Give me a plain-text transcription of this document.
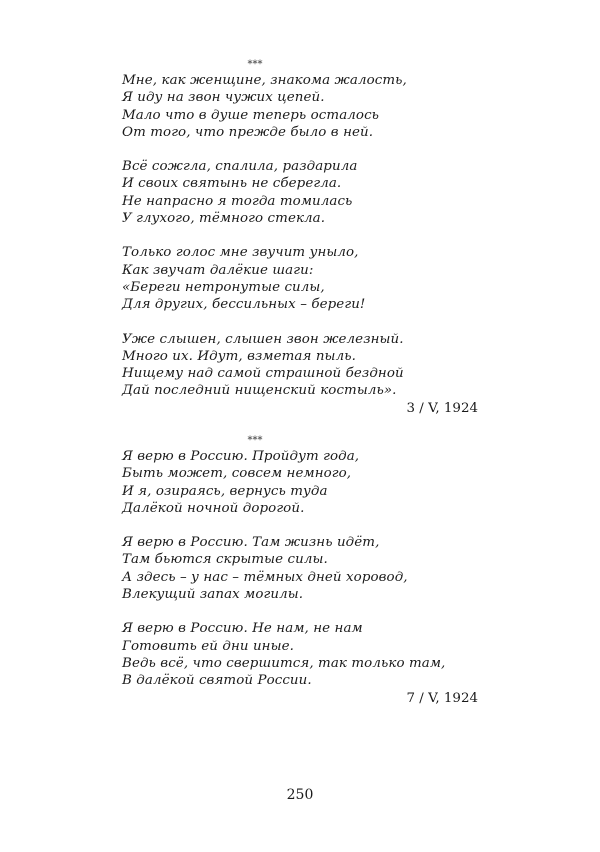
***
Мне, как женщине, знакома жалость,
Я иду на звон чужих цепей.
Мало что в душе теперь осталось
От того, что прежде было в ней.
Всё сожгла, спалила, раздарила
И своих святынь не сберегла.
Не напрасно я тогда томилась
У глухого, тёмного стекла.
Только голос мне звучит уныло,
Как звучат далёкие шаги:
«Береги нетронутые силы,
Для других, бессильных – береги!
Уже слышен, слышен звон железный.
Много их. Идут, взметая пыль.
Нищему над самой страшной бездной
Дай последний нищенский костыль».
3 / V, 1924
***
Я верю в Россию. Пройдут года,
Быть может, совсем немного,
И я, озираясь, вернусь туда
Далёкой ночной дорогой.
Я верю в Россию. Там жизнь идёт,
Там бьются скрытые силы.
А здесь – у нас – тёмных дней хоровод,
Влекущий запах могилы.
Я верю в Россию. Не нам, не нам
Готовить ей дни иные.
Ведь всё, что свершится, так только там,
В далёкой святой России.
7 / V, 1924
250
